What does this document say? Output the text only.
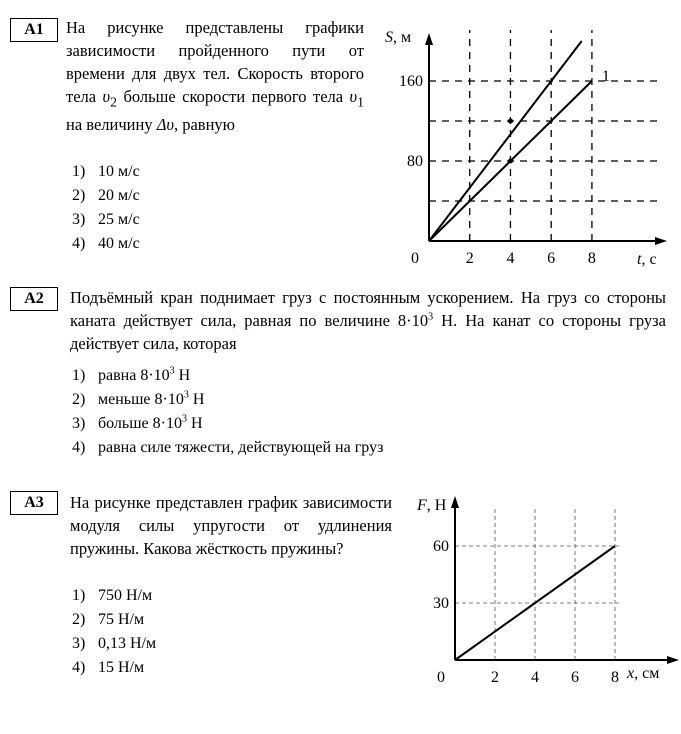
A1	На рисунке представлены графики зависимости пройденного пути от времени для двух тел. Скорость второго тела $\upsilon_2$ больше скорости первого тела $\upsilon_1$ на величину Δυ, равную
1) 10 м/с
2) 20 м/с
3) 25 м/с
4) 40 м/с
1
2 4 6 8
80
160
0
S, м
t, с
A2	Подъёмный кран поднимает груз с постоянным ускорением. На груз со стороны каната действует сила, равная по величине $8\cdot 10^3$ Н. На канат со стороны груза действует сила, которая
1) равна $8\cdot 10^3$ Н
2) меньше $8\cdot 10^3$ Н
3) больше $8\cdot 10^3$ Н
4) равна силе тяжести, действующей на груз
A3	На рисунке представлен график зависимости модуля силы упругости от удлинения пружины. Какова жёсткость пружины?
1) 750 Н/м
2) 75 Н/м
3) 0,13 Н/м
4) 15 Н/м
2 4 6 8
30
60
0
F, Н
x, см
